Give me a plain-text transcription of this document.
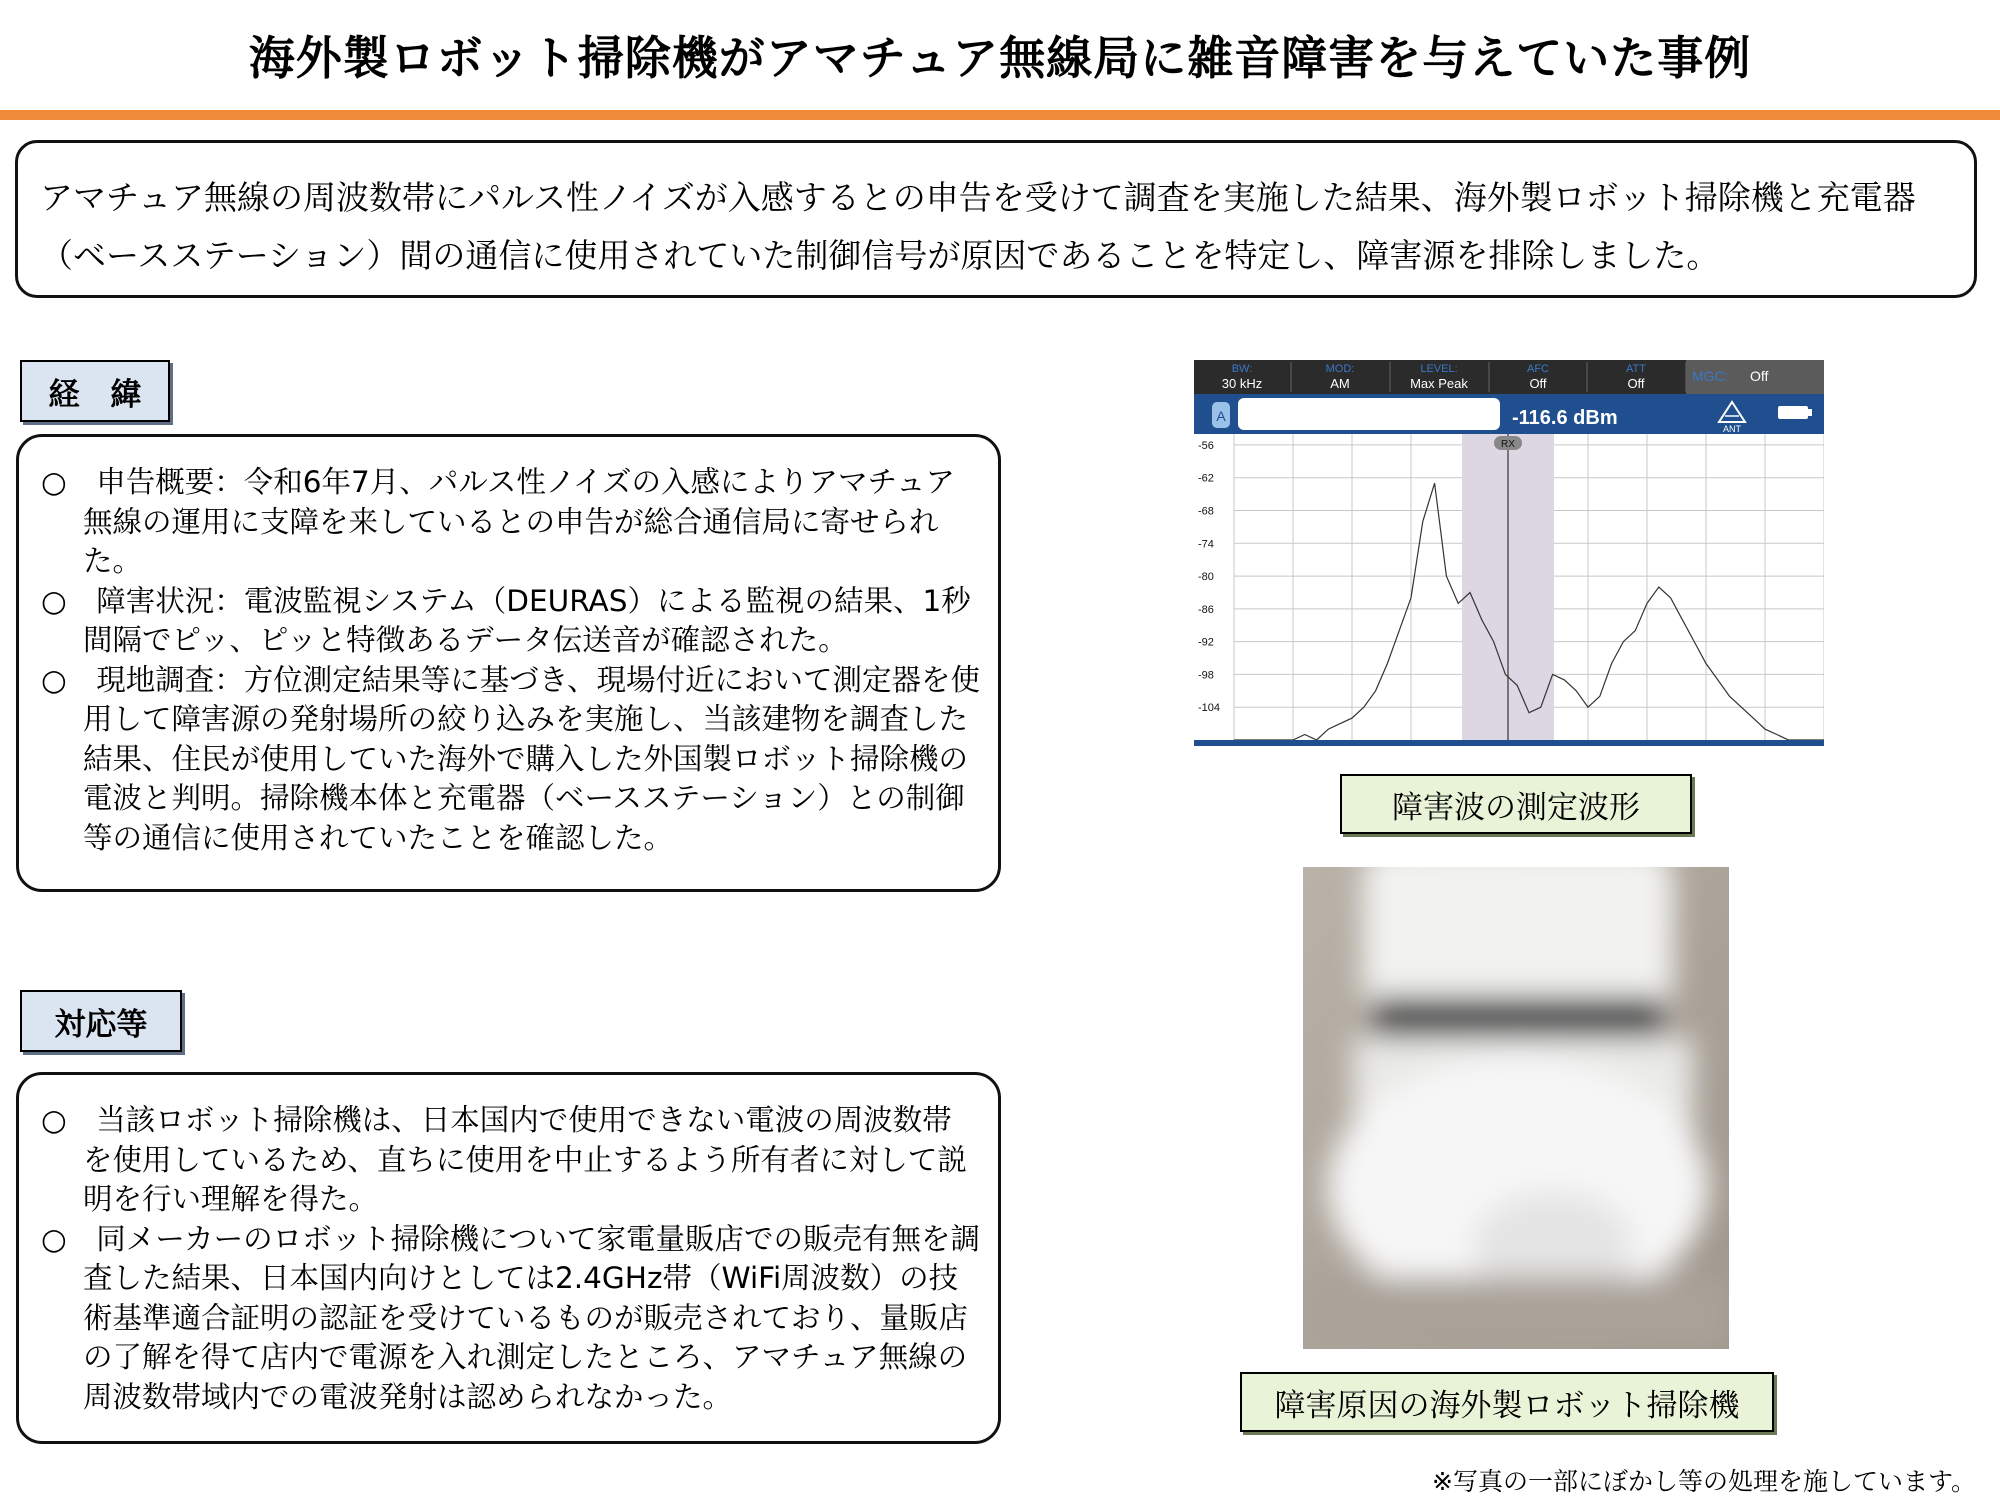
海外製ロボット掃除機がアマチュア無線局に雑音障害を与えていた事例
アマチュア無線の周波数帯にパルス性ノイズが入感するとの申告を受けて調査を実施した結果、海外製ロボット掃除機と充電器（ベースステーション）間の通信に使用されていた制御信号が原因であることを特定し、障害源を排除しました。
経　緯
○　申告概要：令和6年7月、パルス性ノイズの入感によりアマチュア無線の運用に支障を来しているとの申告が総合通信局に寄せられた。
○　障害状況：電波監視システム（DEURAS）による監視の結果、1秒間隔でピッ、ピッと特徴あるデータ伝送音が確認された。
○　現地調査：方位測定結果等に基づき、現場付近において測定器を使用して障害源の発射場所の絞り込みを実施し、当該建物を調査した結果、住民が使用していた海外で購入した外国製ロボット掃除機の電波と判明。掃除機本体と充電器（ベースステーション）との制御等の通信に使用されていたことを確認した。
対応等
○　当該ロボット掃除機は、日本国内で使用できない電波の周波数帯を使用しているため、直ちに使用を中止するよう所有者に対して説明を行い理解を得た。
○　同メーカーのロボット掃除機について家電量販店での販売有無を調査した結果、日本国内向けとしては2.4GHz帯（WiFi周波数）の技術基準適合証明の認証を受けているものが販売されており、量販店の了解を得て店内で電源を入れ測定したところ、アマチュア無線の周波数帯域内での電波発射は認められなかった。
BW:
30 kHz
MOD:
AM
LEVEL:
Max Peak
AFC
Off
ATT
Off	MGC: Off
A	-116.6 dBm	ANT
RX
-56
-62
-68
-74
-80
-86
-92
-98
-104
障害波の測定波形
障害原因の海外製ロボット掃除機
※写真の一部にぼかし等の処理を施しています。
